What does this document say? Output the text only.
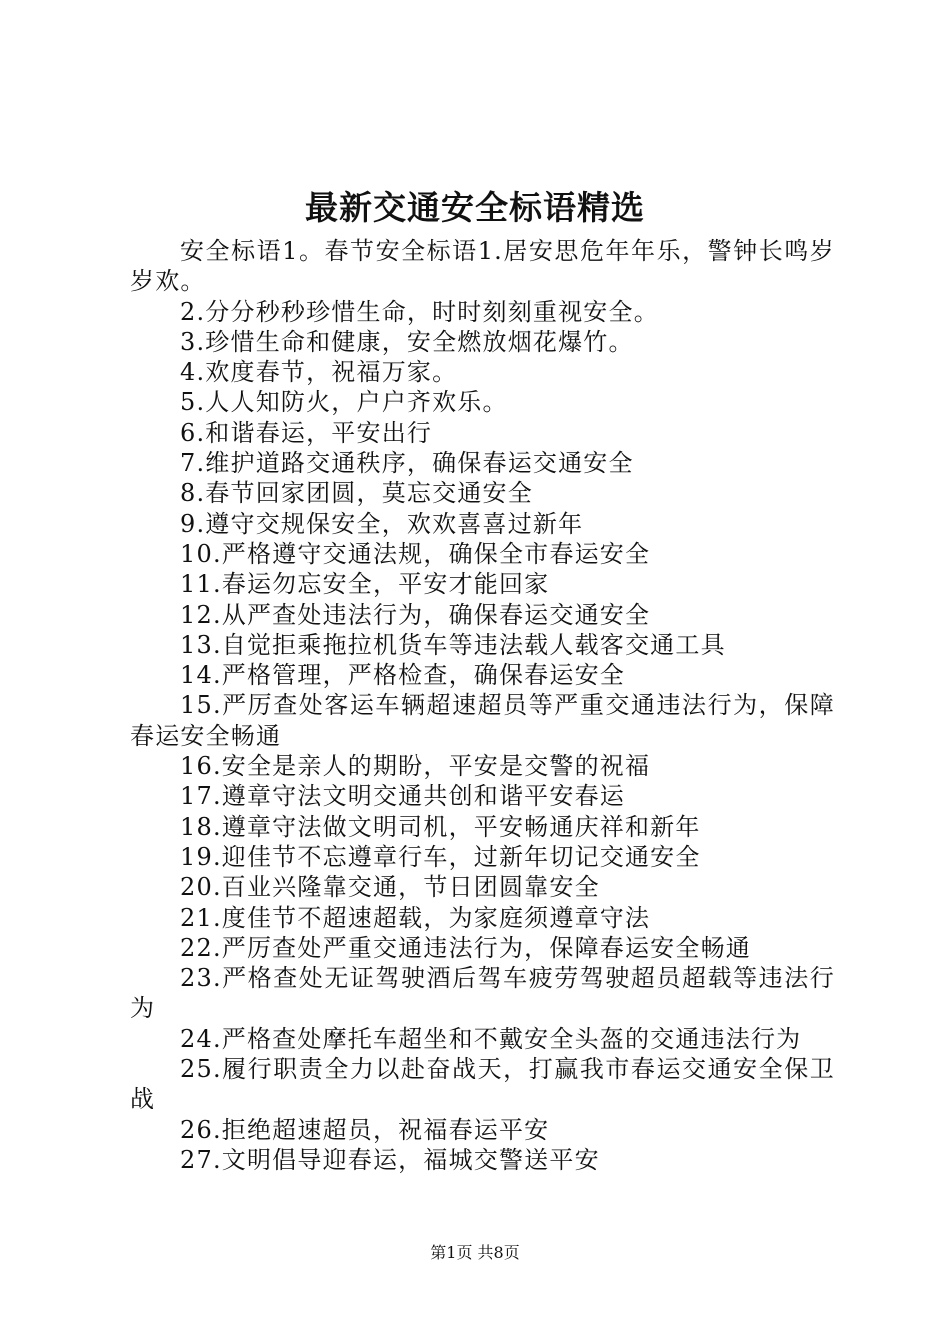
最新交通安全标语精选

安全标语1。春节安全标语1.居安思危年年乐，警钟长鸣岁岁欢。

2.分分秒秒珍惜生命，时时刻刻重视安全。

3.珍惜生命和健康，安全燃放烟花爆竹。

4.欢度春节，祝福万家。

5.人人知防火，户户齐欢乐。

6.和谐春运，平安出行

7.维护道路交通秩序，确保春运交通安全

8.春节回家团圆，莫忘交通安全

9.遵守交规保安全，欢欢喜喜过新年

10.严格遵守交通法规，确保全市春运安全

11.春运勿忘安全，平安才能回家

12.从严查处违法行为，确保春运交通安全

13.自觉拒乘拖拉机货车等违法载人载客交通工具

14.严格管理，严格检查，确保春运安全

15.严厉查处客运车辆超速超员等严重交通违法行为，保障春运安全畅通

16.安全是亲人的期盼，平安是交警的祝福

17.遵章守法文明交通共创和谐平安春运

18.遵章守法做文明司机，平安畅通庆祥和新年

19.迎佳节不忘遵章行车，过新年切记交通安全

20.百业兴隆靠交通，节日团圆靠安全

21.度佳节不超速超载，为家庭须遵章守法

22.严厉查处严重交通违法行为，保障春运安全畅通

23.严格查处无证驾驶酒后驾车疲劳驾驶超员超载等违法行为

24.严格查处摩托车超坐和不戴安全头盔的交通违法行为

25.履行职责全力以赴奋战天，打赢我市春运交通安全保卫战

26.拒绝超速超员，祝福春运平安

27.文明倡导迎春运，福城交警送平安

第1页 共8页
